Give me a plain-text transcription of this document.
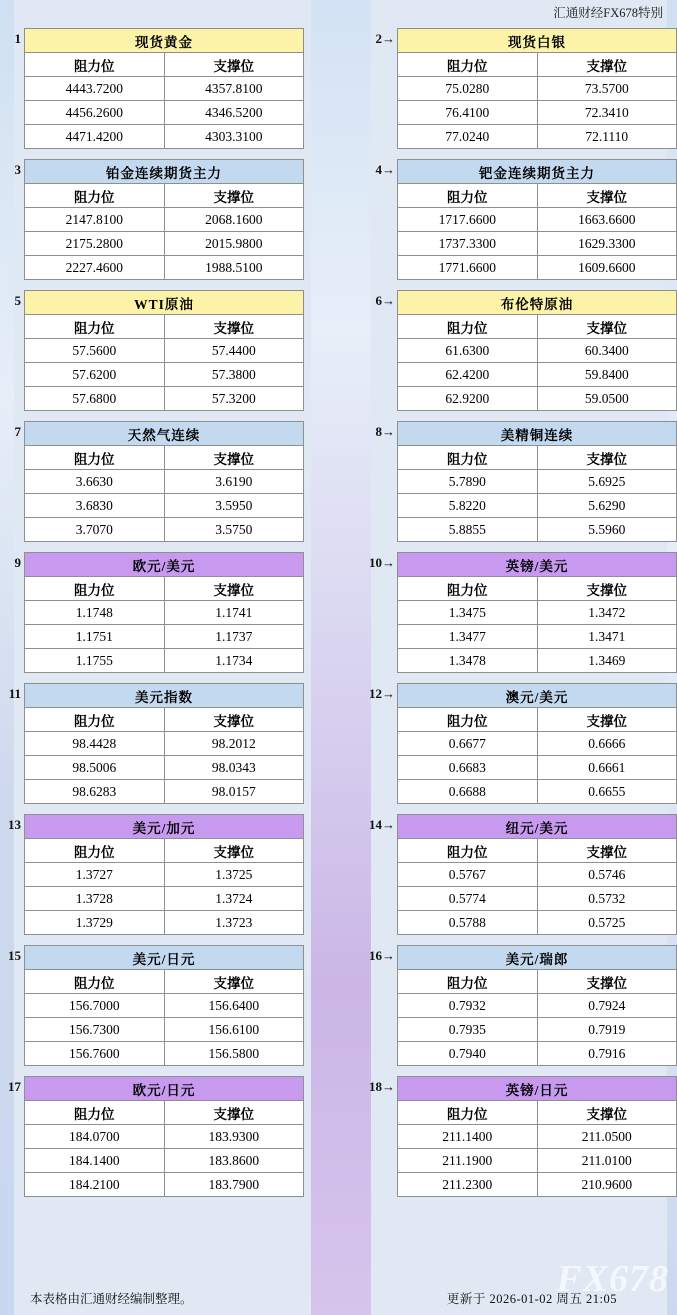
汇通财经FX678特别
1	现货黄金	
阻力位	支撑位
4443.7200	4357.8100
4456.2600	4346.5200
4471.4200	4303.3100
2→	现货白银	
阻力位	支撑位
75.0280	73.5700
76.4100	72.3410
77.0240	72.1110
3	铂金连续期货主力	
阻力位	支撑位
2147.8100	2068.1600
2175.2800	2015.9800
2227.4600	1988.5100
4→	钯金连续期货主力	
阻力位	支撑位
1717.6600	1663.6600
1737.3300	1629.3300
1771.6600	1609.6600
5	WTI原油	
阻力位	支撑位
57.5600	57.4400
57.6200	57.3800
57.6800	57.3200
6→	布伦特原油	
阻力位	支撑位
61.6300	60.3400
62.4200	59.8400
62.9200	59.0500
7	天然气连续	
阻力位	支撑位
3.6630	3.6190
3.6830	3.5950
3.7070	3.5750
8→	美精铜连续	
阻力位	支撑位
5.7890	5.6925
5.8220	5.6290
5.8855	5.5960
9	欧元/美元	
阻力位	支撑位
1.1748	1.1741
1.1751	1.1737
1.1755	1.1734
10→	英镑/美元	
阻力位	支撑位
1.3475	1.3472
1.3477	1.3471
1.3478	1.3469
11	美元指数	
阻力位	支撑位
98.4428	98.2012
98.5006	98.0343
98.6283	98.0157
12→	澳元/美元	
阻力位	支撑位
0.6677	0.6666
0.6683	0.6661
0.6688	0.6655
13	美元/加元	
阻力位	支撑位
1.3727	1.3725
1.3728	1.3724
1.3729	1.3723
14→	纽元/美元	
阻力位	支撑位
0.5767	0.5746
0.5774	0.5732
0.5788	0.5725
15	美元/日元	
阻力位	支撑位
156.7000	156.6400
156.7300	156.6100
156.7600	156.5800
16→	美元/瑞郎	
阻力位	支撑位
0.7932	0.7924
0.7935	0.7919
0.7940	0.7916
17	欧元/日元	
阻力位	支撑位
184.0700	183.9300
184.1400	183.8600
184.2100	183.7900
18→	英镑/日元	
阻力位	支撑位
211.1400	211.0500
211.1900	211.0100
211.2300	210.9600
本表格由汇通财经编制整理。	更新于 2026-01-02 周五 21:05
FX678
